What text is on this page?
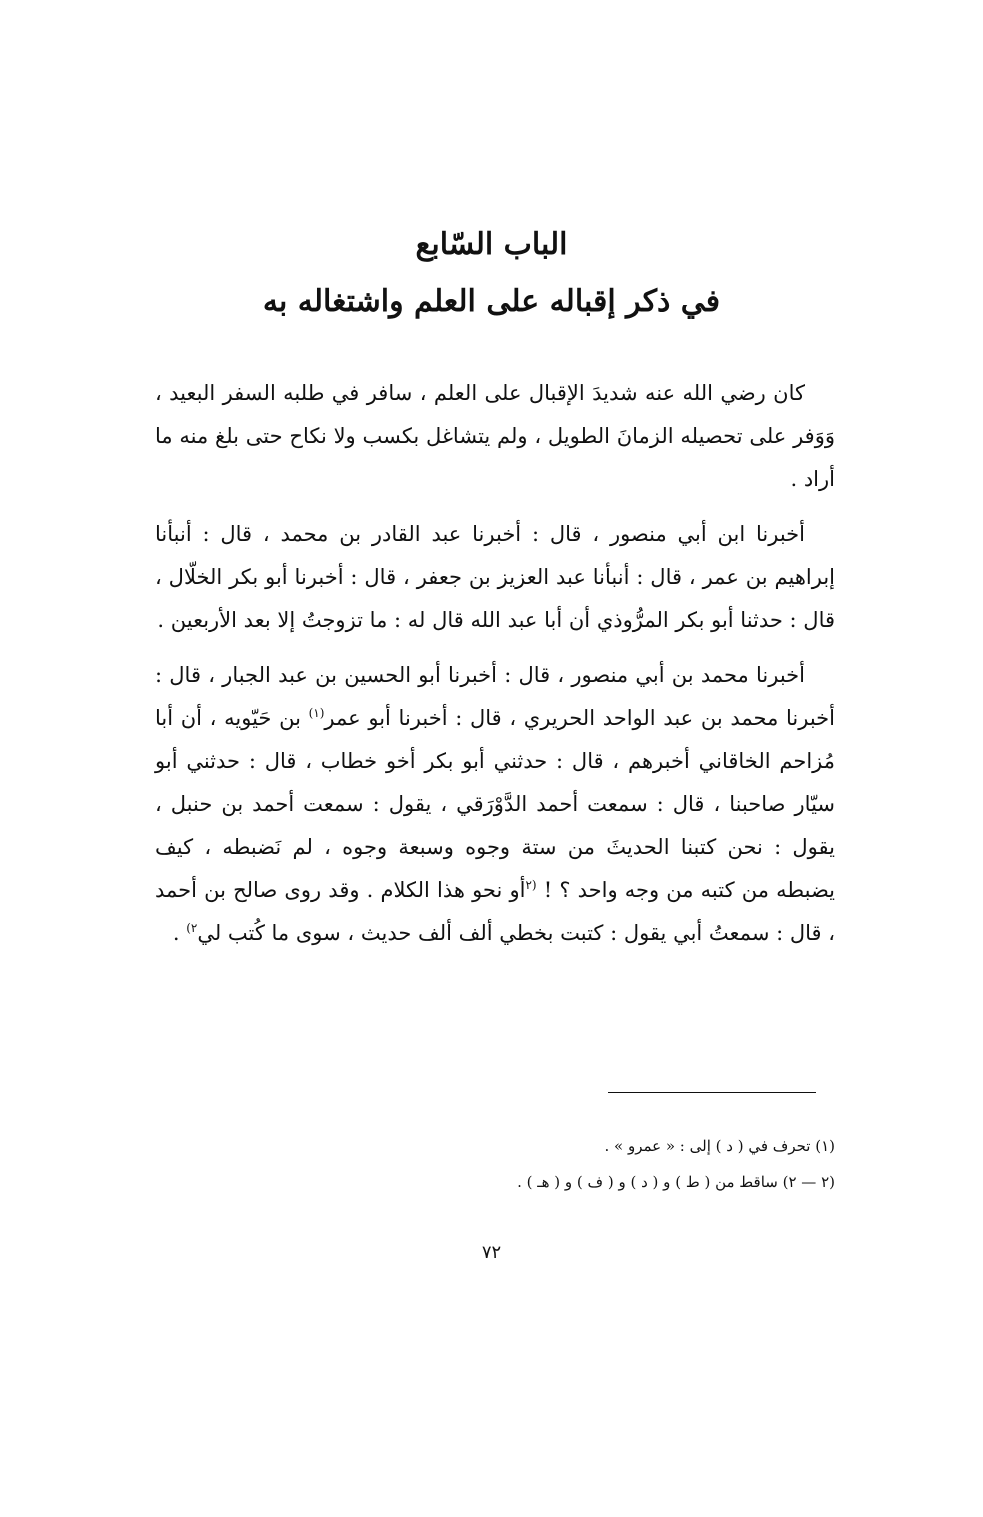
الباب السّابع
في ذكر إقباله على العلم واشتغاله به

كان رضي الله عنه شديدَ الإقبال على العلم ، سافر في طلبه السفر البعيد ، وَوَفر على تحصيله الزمانَ الطويل ، ولم يتشاغل بكسب ولا نكاح حتى بلغ منه ما أراد .

أخبرنا ابن أبي منصور ، قال : أخبرنا عبد القادر بن محمد ، قال : أنبأنا إبراهيم بن عمر ، قال : أنبأنا عبد العزيز بن جعفر ، قال : أخبرنا أبو بكر الخلّال ، قال : حدثنا أبو بكر المرُّوذي أن أبا عبد الله قال له : ما تزوجتُ إلا بعد الأربعين .

أخبرنا محمد بن أبي منصور ، قال : أخبرنا أبو الحسين بن عبد الجبار ، قال : أخبرنا محمد بن عبد الواحد الحريري ، قال : أخبرنا أبو عمر$^{(١)}$ بن حَيّويه ، أن أبا مُزاحم الخاقاني أخبرهم ، قال : حدثني أبو بكر أخو خطاب ، قال : حدثني أبو سيّار صاحبنا ، قال : سمعت أحمد الدَّوْرَقي ، يقول : سمعت أحمد بن حنبل ، يقول : نحن كتبنا الحديثَ من ستة وجوه وسبعة وجوه ، لم نَضبطه ، كيف يضبطه من كتبه من وجه واحد ؟ ! $^{(٢}$أو نحو هذا الكلام . وقد روى صالح بن أحمد ، قال : سمعتُ أبي يقول : كتبت بخطي ألف ألف حديث ، سوى ما كُتب لي$^{٢)}$ .

(١) تحرف في ( د ) إلى : « عمرو » .
(٢ — ٢) ساقط من ( ط ) و ( د ) و ( ف ) و ( هـ ) .
٧٢
